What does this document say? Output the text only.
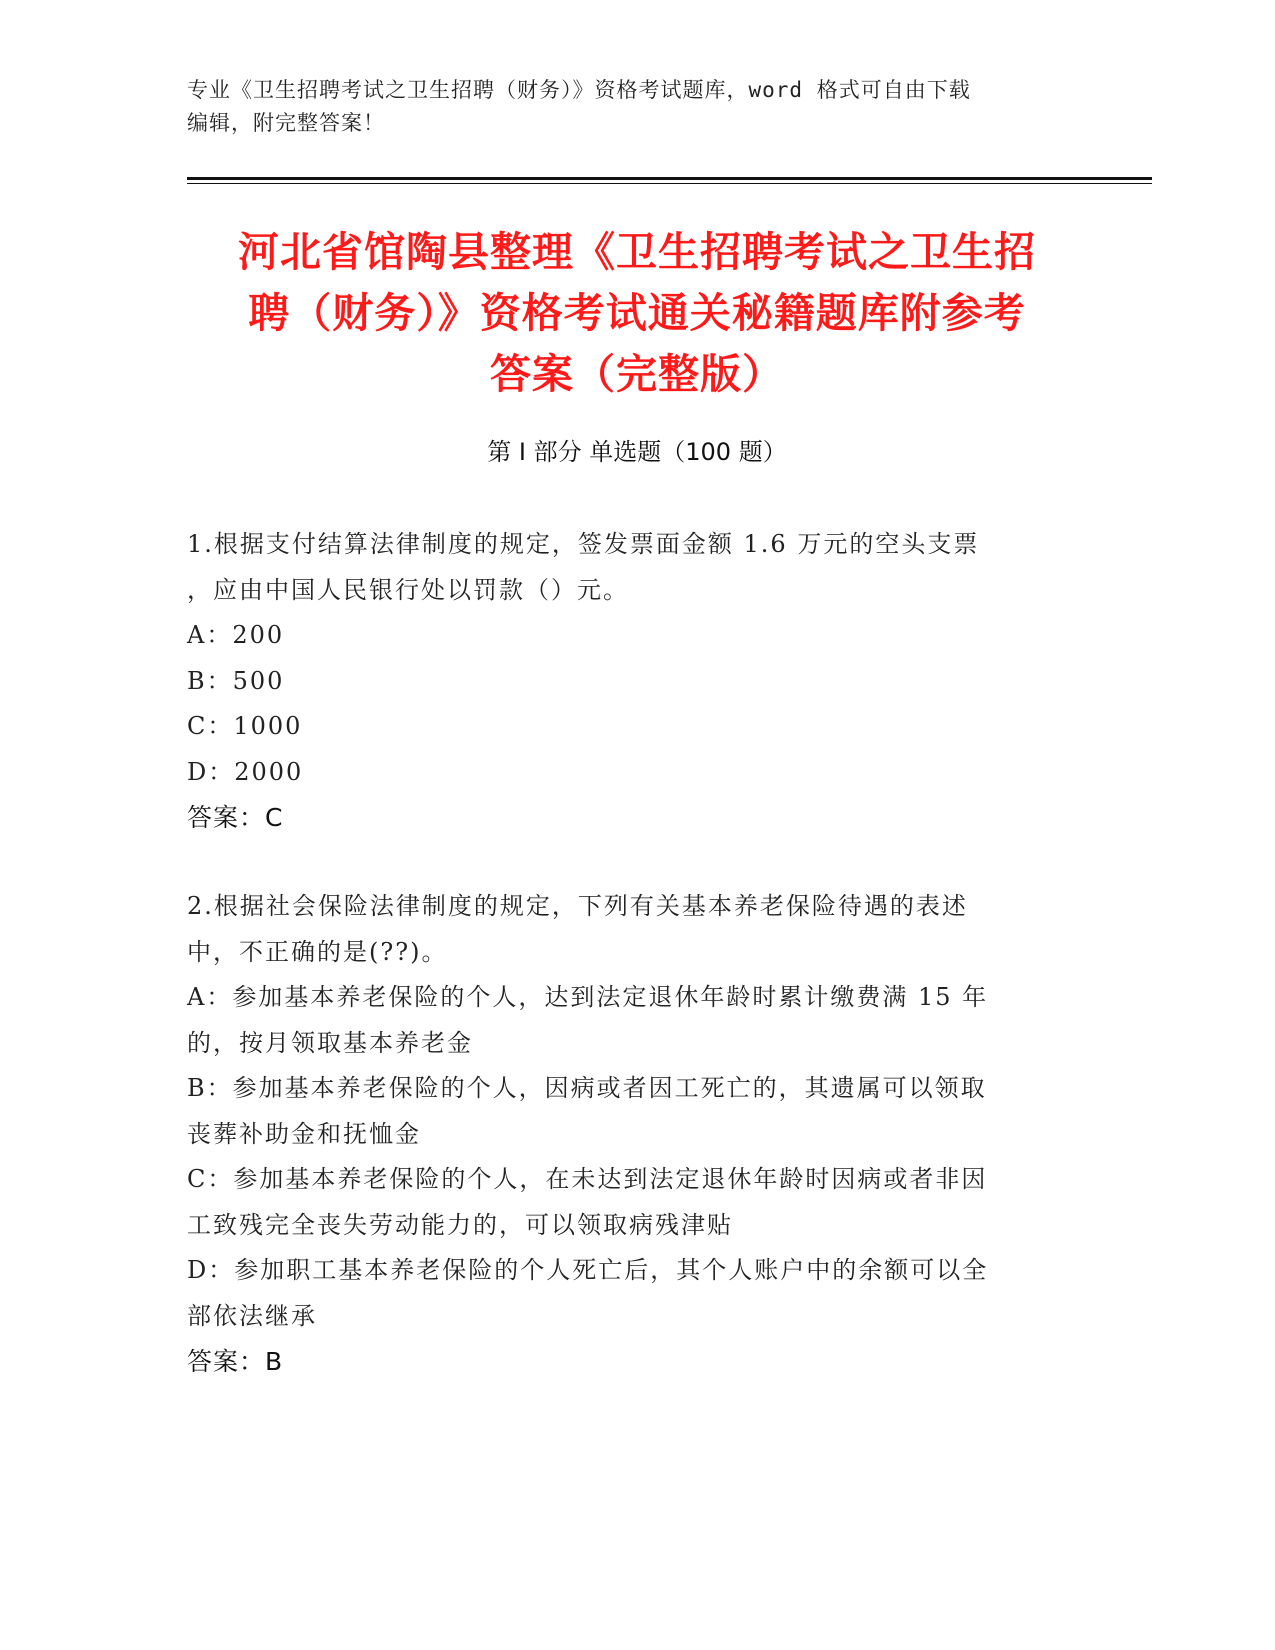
专业《卫生招聘考试之卫生招聘（财务）》资格考试题库，word 格式可自由下载
编辑，附完整答案！
河北省馆陶县整理《卫生招聘考试之卫生招
聘（财务）》资格考试通关秘籍题库附参考
答案（完整版）
第 I 部分 单选题（100 题）

1.根据支付结算法律制度的规定，签发票面金额 1.6 万元的空头支票

，应由中国人民银行处以罚款（）元。

A：200

B：500

C：1000

D：2000

答案：C

2.根据社会保险法律制度的规定，下列有关基本养老保险待遇的表述

中，不正确的是(??)。

A：参加基本养老保险的个人，达到法定退休年龄时累计缴费满 15 年

的，按月领取基本养老金

B：参加基本养老保险的个人，因病或者因工死亡的，其遗属可以领取

丧葬补助金和抚恤金

C：参加基本养老保险的个人，在未达到法定退休年龄时因病或者非因

工致残完全丧失劳动能力的，可以领取病残津贴

D：参加职工基本养老保险的个人死亡后，其个人账户中的余额可以全

部依法继承

答案：B
